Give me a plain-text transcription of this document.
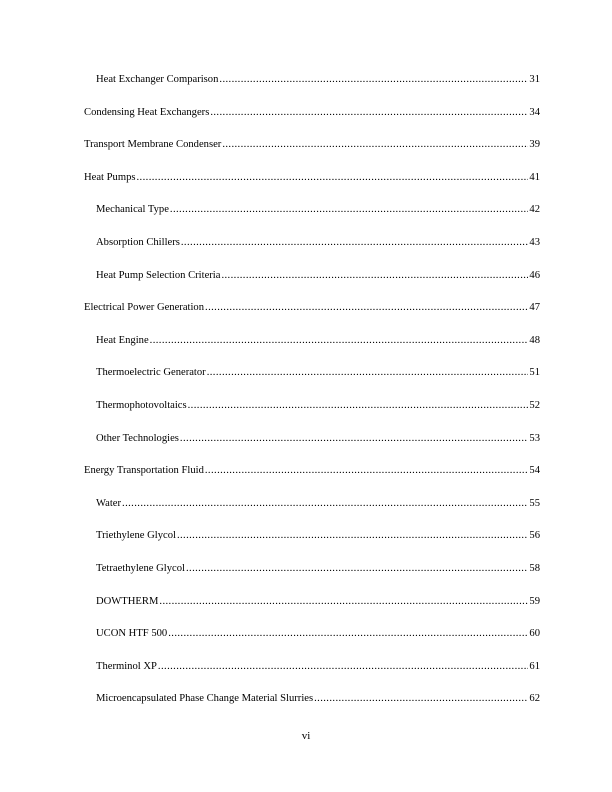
Heat Exchanger Comparison .....	31
Condensing Heat Exchangers .....	34
Transport Membrane Condenser .....	39
Heat Pumps .....	41
Mechanical Type .....	42
Absorption Chillers .....	43
Heat Pump Selection Criteria .....	46
Electrical Power Generation .....	47
Heat Engine .....	48
Thermoelectric Generator .....	51
Thermophotovoltaics .....	52
Other Technologies .....	53
Energy Transportation Fluid .....	54
Water .....	55
Triethylene Glycol .....	56
Tetraethylene Glycol .....	58
DOWTHERM .....	59
UCON HTF 500 .....	60
Therminol XP .....	61
Microencapsulated Phase Change Material Slurries .....	62
vi
